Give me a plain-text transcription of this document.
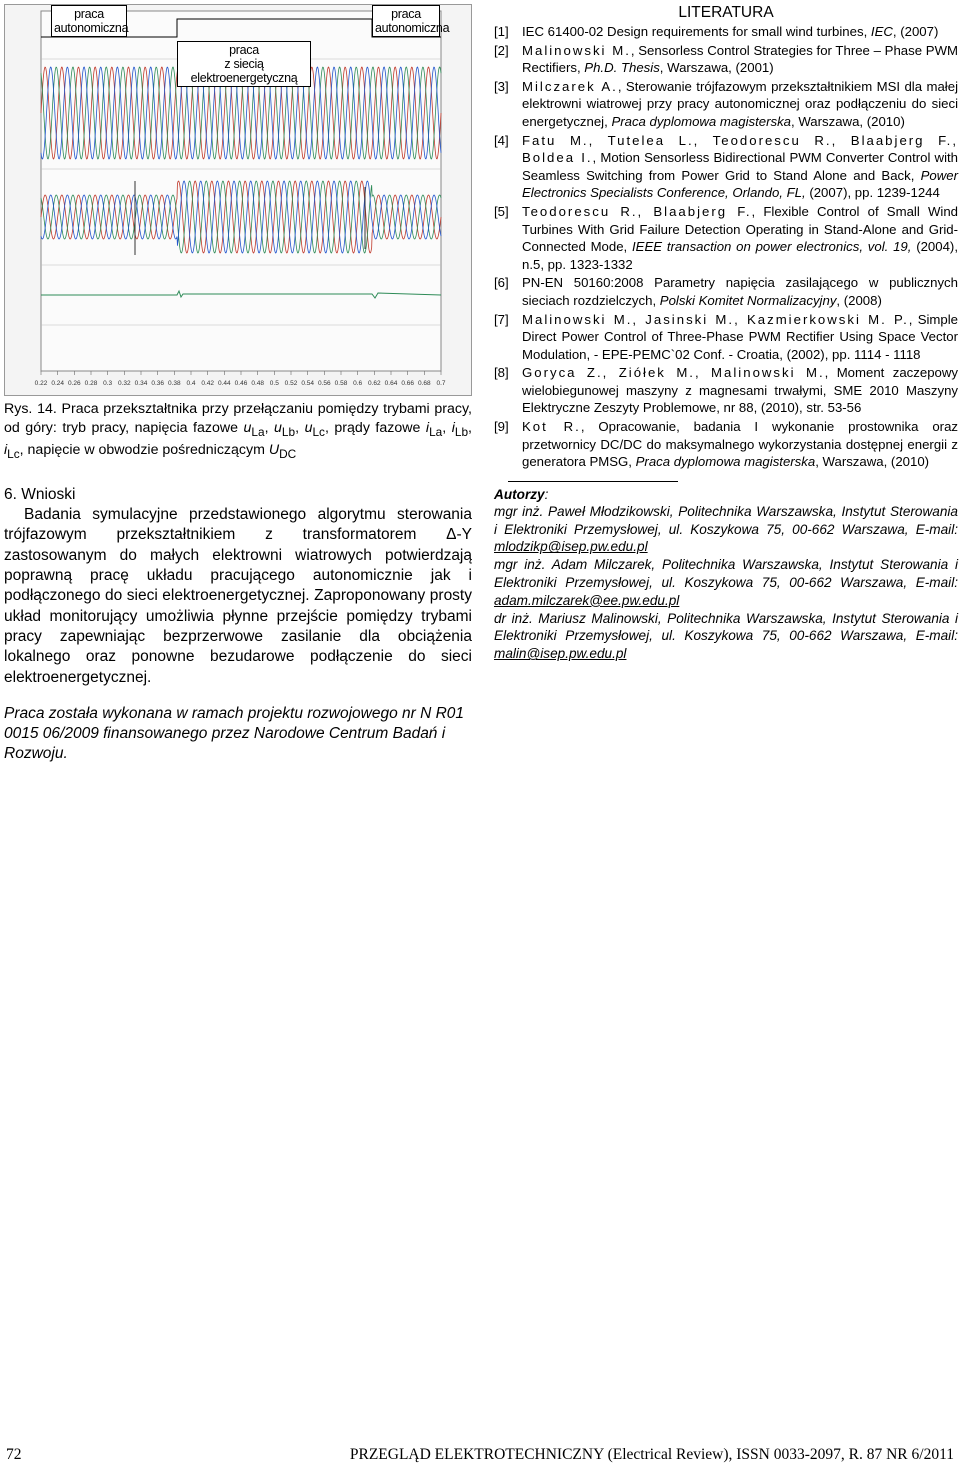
0.22 0.24 0.26 0.28 0.3 0.32 0.34 0.36 0.38 0.4 0.42 0.44 0.46 0.48 0.5 0.52 0.54 0.56 0.58 0.6 0.62 0.64 0.66 0.68 0.7
praca
autonomiczna
praca
z siecią elektroenergetyczną
praca
autonomiczna
Rys. 14. Praca przekształtnika przy przełączaniu pomiędzy trybami pracy, od góry: tryb pracy, napięcia fazowe $u_{La}$, $u_{Lb}$, $u_{Lc}$, prądy fazowe $i_{La}$, $i_{Lb}$, $i_{Lc}$, napięcie w obwodzie pośredniczącym $U_{DC}$
6. Wnioski

Badania symulacyjne przedstawionego algorytmu sterowania trójfazowym przekształtnikiem z transformatorem Δ-Y zastosowanym do małych elektrowni wiatrowych potwierdzają poprawną pracę układu pracującego autonomicznie jak i podłączonego do sieci elektroenergetycznej. Zaproponowany prosty układ monitorujący umożliwia płynne przejście pomiędzy trybami pracy zapewniając bezprzerwowe zasilanie dla obciążenia lokalnego oraz ponowne bezudarowe podłączenie do sieci elektroenergetycznej.

Praca została wykonana w ramach projektu rozwojowego nr N R01 0015 06/2009 finansowanego przez Narodowe Centrum Badań i Rozwoju.
LITERATURA
[1]	IEC 61400-02 Design requirements for small wind turbines, IEC, (2007)
[2]	Malinowski M., Sensorless Control Strategies for Three – Phase PWM Rectifiers, Ph.D. Thesis, Warszawa, (2001)
[3]	Milczarek A., Sterowanie trójfazowym przekształtnikiem MSI dla małej elektrowni wiatrowej przy pracy autonomicznej oraz podłączeniu do sieci energetycznej, Praca dyplomowa magisterska, Warszawa, (2010)
[4]	Fatu M., Tutelea L., Teodorescu R., Blaabjerg F., Boldea I., Motion Sensorless Bidirectional PWM Converter Control with Seamless Switching from Power Grid to Stand Alone and Back, Power Electronics Specialists Conference, Orlando, FL, (2007), pp. 1239-1244
[5]	Teodorescu R., Blaabjerg F., Flexible Control of Small Wind Turbines With Grid Failure Detection Operating in Stand-Alone and Grid-Connected Mode, IEEE transaction on power electronics, vol. 19, (2004), n.5, pp. 1323-1332
[6]	PN-EN 50160:2008 Parametry napięcia zasilającego w publicznych sieciach rozdzielczych, Polski Komitet Normalizacyjny, (2008)
[7]	Malinowski M., Jasinski M., Kazmierkowski M. P., Simple Direct Power Control of Three-Phase PWM Rectifier Using Space Vector Modulation, - EPE-PEMC`02 Conf. - Croatia, (2002), pp. 1114 - 1118
[8]	Goryca Z., Ziółek M., Malinowski M., Moment zaczepowy wielobiegunowej maszyny z magnesami trwałymi, SME 2010 Maszyny Elektryczne Zeszyty Problemowe, nr 88, (2010), str. 53-56
[9]	Kot R., Opracowanie, badania I wykonanie prostownika oraz przetwornicy DC/DC do maksymalnego wykorzystania dostępnej energii z generatora PMSG, Praca dyplomowa magisterska, Warszawa, (2010)
Autorzy:
mgr inż. Paweł Młodzikowski, Politechnika Warszawska, Instytut Sterowania i Elektroniki Przemysłowej, ul. Koszykowa 75, 00-662 Warszawa, E-mail: mlodzikp@isep.pw.edu.pl
mgr inż. Adam Milczarek, Politechnika Warszawska, Instytut Sterowania i Elektroniki Przemysłowej, ul. Koszykowa 75, 00-662 Warszawa, E-mail: adam.milczarek@ee.pw.edu.pl
dr inż. Mariusz Malinowski, Politechnika Warszawska, Instytut Sterowania i Elektroniki Przemysłowej, ul. Koszykowa 75, 00-662 Warszawa, E-mail: malin@isep.pw.edu.pl
72	PRZEGLĄD ELEKTROTECHNICZNY (Electrical Review), ISSN 0033-2097, R. 87 NR 6/2011
